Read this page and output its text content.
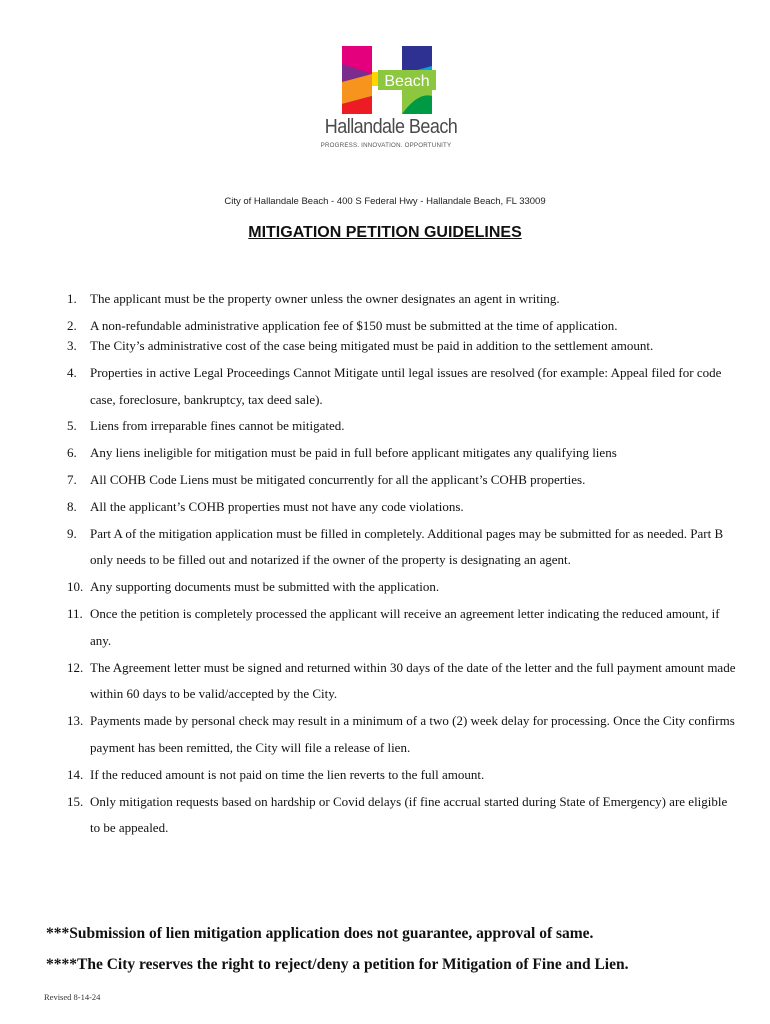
Beach
Hallandale Beach
PROGRESS. INNOVATION. OPPORTUNITY
City of Hallandale Beach - 400 S Federal Hwy - Hallandale Beach, FL 33009
MITIGATION PETITION GUIDELINES
1. The applicant must be the property owner unless the owner designates an agent in writing.
2. A non-refundable administrative application fee of $150 must be submitted at the time of application.
3. The City’s administrative cost of the case being mitigated must be paid in addition to the settlement amount.
4. Properties in active Legal Proceedings Cannot Mitigate until legal issues are resolved (for example: Appeal filed for code case, foreclosure, bankruptcy, tax deed sale).
5. Liens from irreparable fines cannot be mitigated.
6. Any liens ineligible for mitigation must be paid in full before applicant mitigates any qualifying liens
7. All COHB Code Liens must be mitigated concurrently for all the applicant’s COHB properties.
8. All the applicant’s COHB properties must not have any code violations.
9. Part A of the mitigation application must be filled in completely. Additional pages may be submitted for as needed. Part B only needs to be filled out and notarized if the owner of the property is designating an agent.
10. Any supporting documents must be submitted with the application.
11. Once the petition is completely processed the applicant will receive an agreement letter indicating the reduced amount, if any.
12. The Agreement letter must be signed and returned within 30 days of the date of the letter and the full payment amount made within 60 days to be valid/accepted by the City.
13. Payments made by personal check may result in a minimum of a two (2) week delay for processing. Once the City confirms payment has been remitted, the City will file a release of lien.
14. If the reduced amount is not paid on time the lien reverts to the full amount.
15. Only mitigation requests based on hardship or Covid delays (if fine accrual started during State of Emergency) are eligible to be appealed.
***Submission of lien mitigation application does not guarantee, approval of same.
****The City reserves the right to reject/deny a petition for Mitigation of Fine and Lien.
Revised 8-14-24
